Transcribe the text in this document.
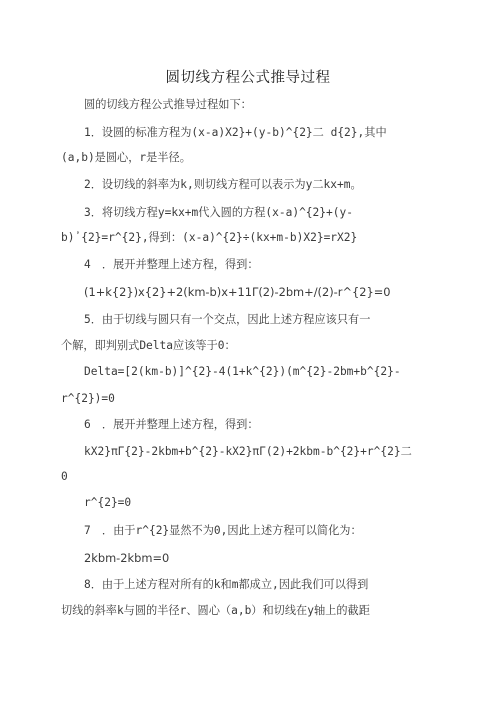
圆切线方程公式推导过程
圆的切线方程公式推导过程如下：
1．设圆的标准方程为(x-a)X2}+(y-b)^{2}二 d{2},其中
(a,b)是圆心，r是半径。
2．设切线的斜率为k,则切线方程可以表示为y二kx+m。
3．将切线方程y=kx+m代入圆的方程(x-a)^{2}+(y-
b)᾿{2}=r^{2},得到：(x-a)^{2}÷(kx+m-b)X2}=rX2}
4　．展开并整理上述方程，得到：
(1+k{2})x{2}+2(km-b)x+11Γ(2)-2bm+/(2)-r^{2}=0
5．由于切线与圆只有一个交点，因此上述方程应该只有一
个解，即判别式Delta应该等于0：
Delta=[2(km-b)]^{2}-4(1+k^{2})(m^{2}-2bm+b^{2}-
r^{2})=0
6　．展开并整理上述方程，得到：
kX2}πΓ{2}-2kbm+b^{2}-kX2}πΓ(2)+2kbm-b^{2}+r^{2}二
0
r^{2}=0
7　．由于r^{2}显然不为0,因此上述方程可以简化为：
2kbm-2kbm=0
8．由于上述方程对所有的k和m都成立,因此我们可以得到
切线的斜率k与圆的半径r、圆心（a,b）和切线在y轴上的截距
